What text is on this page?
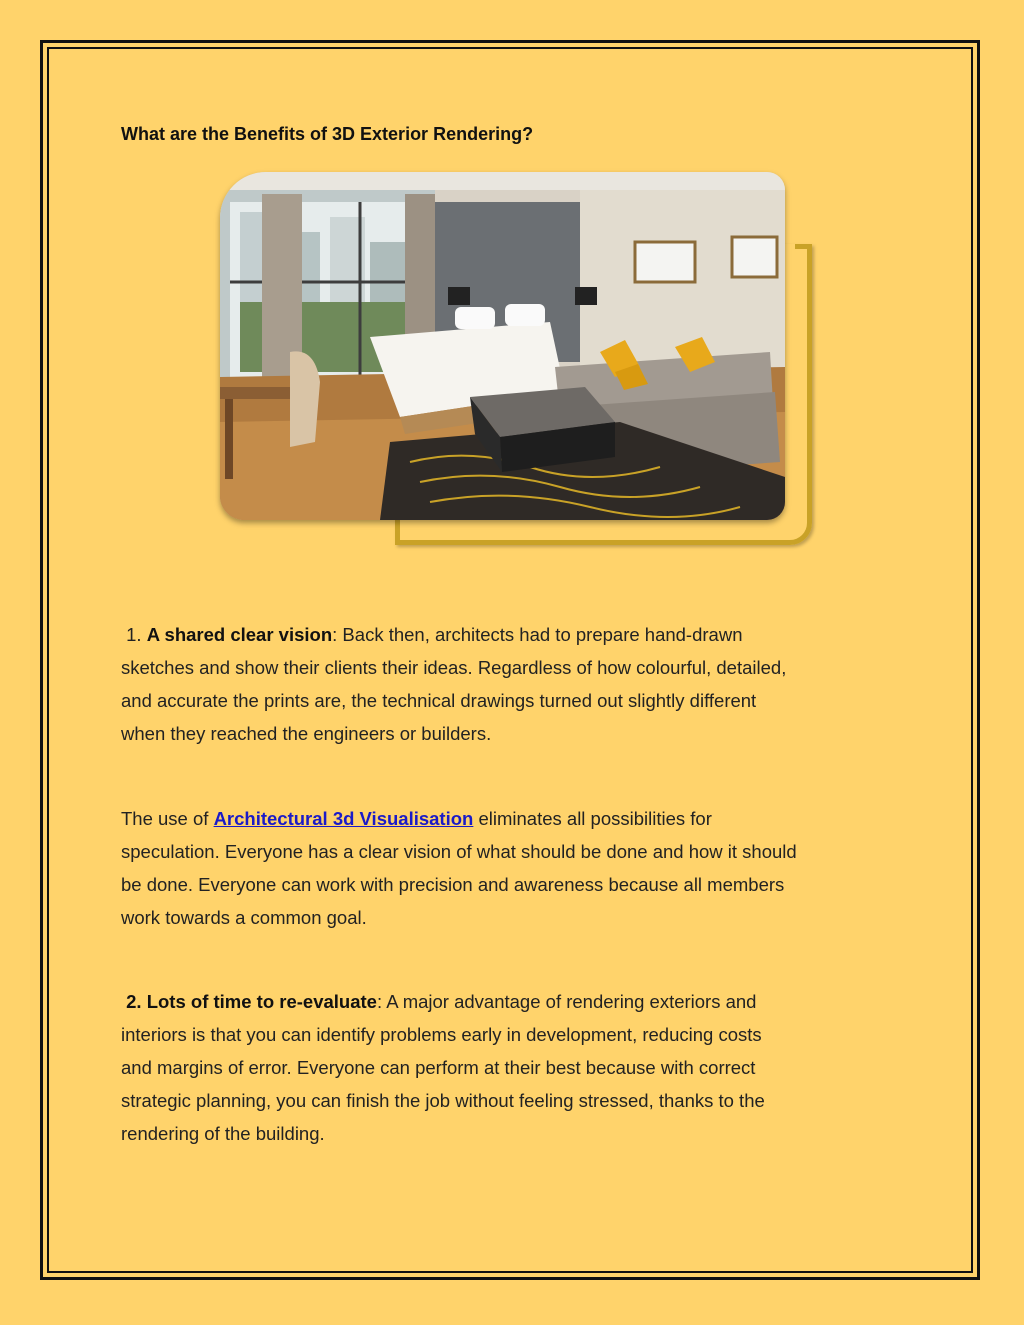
What are the Benefits of 3D Exterior Rendering?
1. A shared clear vision: Back then, architects had to prepare hand-drawn
sketches and show their clients their ideas. Regardless of how colourful, detailed,
and accurate the prints are, the technical drawings turned out slightly different
when they reached the engineers or builders.
The use of Architectural 3d Visualisation eliminates all possibilities for
speculation. Everyone has a clear vision of what should be done and how it should
be done. Everyone can work with precision and awareness because all members
work towards a common goal.
2. Lots of time to re-evaluate: A major advantage of rendering exteriors and
interiors is that you can identify problems early in development, reducing costs
and margins of error. Everyone can perform at their best because with correct
strategic planning, you can finish the job without feeling stressed, thanks to the
rendering of the building.
